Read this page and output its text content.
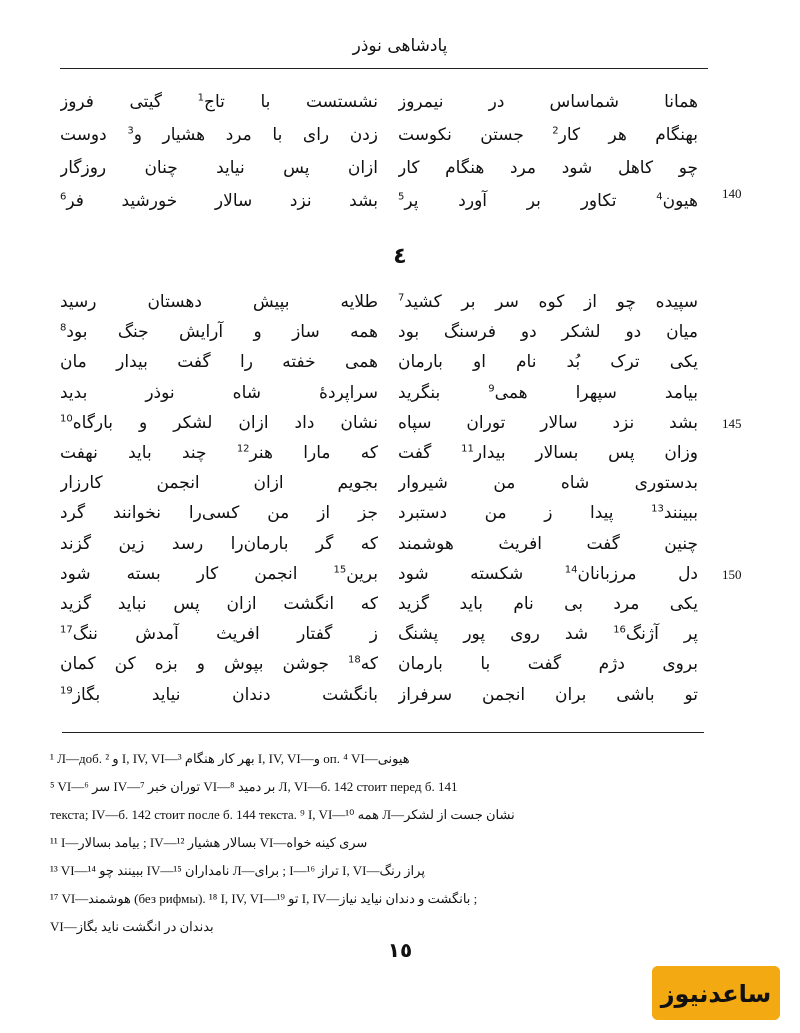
پادشاهی نوذر
همانا شماساس در نیمروز
بهنگام هر کار$^2$ جستن نکوست
چو کاهل شود مرد هنگام کار
هیون$^4$ تکاور بر آورد پر$^5$
نشستست با تاج$^1$ گیتی فروز
زدن رای با مرد هشیار و$^3$ دوست
ازان پس نیاید چنان روزگار
بشد نزد سالار خورشید فر$^6$	140
٤
سپیده چو از کوه سر بر کشید$^7$
میان دو لشکر دو فرسنگ بود
یکی ترک بُد نام او بارمان
بیامد سپهرا همی$^9$ بنگرید
بشد نزد سالار توران سپاه
وزان پس بسالار بیدار$^{11}$ گفت
بدستوری شاه من شیروار
ببینند$^{13}$ پیدا ز من دستبرد
چنین گفت افریث هوشمند
دل مرزبانان$^{14}$ شکسته شود
یکی مرد بی نام باید گزید
پر آژنگ$^{16}$ شد روی پور پشنگ
بروی دژم گفت با بارمان
تو باشی بران انجمن سرفراز
طلایه بپیش دهستان رسید
همه ساز و آرایش جنگ بود$^8$
همی خفته را گفت بیدار مان
سراپردهٔ شاه نوذر بدید
نشان داد ازان لشکر و بارگاه$^{10}$
که مارا هنر$^{12}$ چند باید نهفت
بجویم ازان انجمن کارزار
جز از من کسی‌را نخوانند گرد
که گر بارمان‌را رسد زین گزند
برین$^{15}$ انجمن کار بسته شود
که انگشت ازان پس نباید گزید
ز گفتار افریث آمدش ننگ$^{17}$
که$^{18}$ جوشن بپوش و بزه کن کمان
بانگشت دندان نیاید بگاز$^{19}$
145
150
¹ Л—доб. و ² I, IV, VI—بهر کار هنگام ³ I, IV, VI—و оп. ⁴ VI—هیونی
⁵ VI—سر ⁶ IV—توران خبر ⁷ VI—بر دمید ⁸ Л, VI—б. 142 стоит перед б. 141
текста; IV—б. 142 стоит после б. 144 текста. ⁹ I, VI—همه ¹⁰ Л—نشان جست از لشکر
¹¹ I—بیامد بسالار ; IV—بسالار هشیار ¹² VI—سری کینه خواه
¹³ VI—ببینند چو ¹⁴ IV—نامداران ¹⁵ Л—برای ; I—تراز ¹⁶ I, VI—پراز رنگ
¹⁷ VI—هوشمند (без рифмы). ¹⁸ I, IV, VI—تو ¹⁹ I, IV—بانگشت و دندان نیاید نیاز ;
VI—بدندان در انگشت ناید بگاز
١٥
ساعدنیوز
